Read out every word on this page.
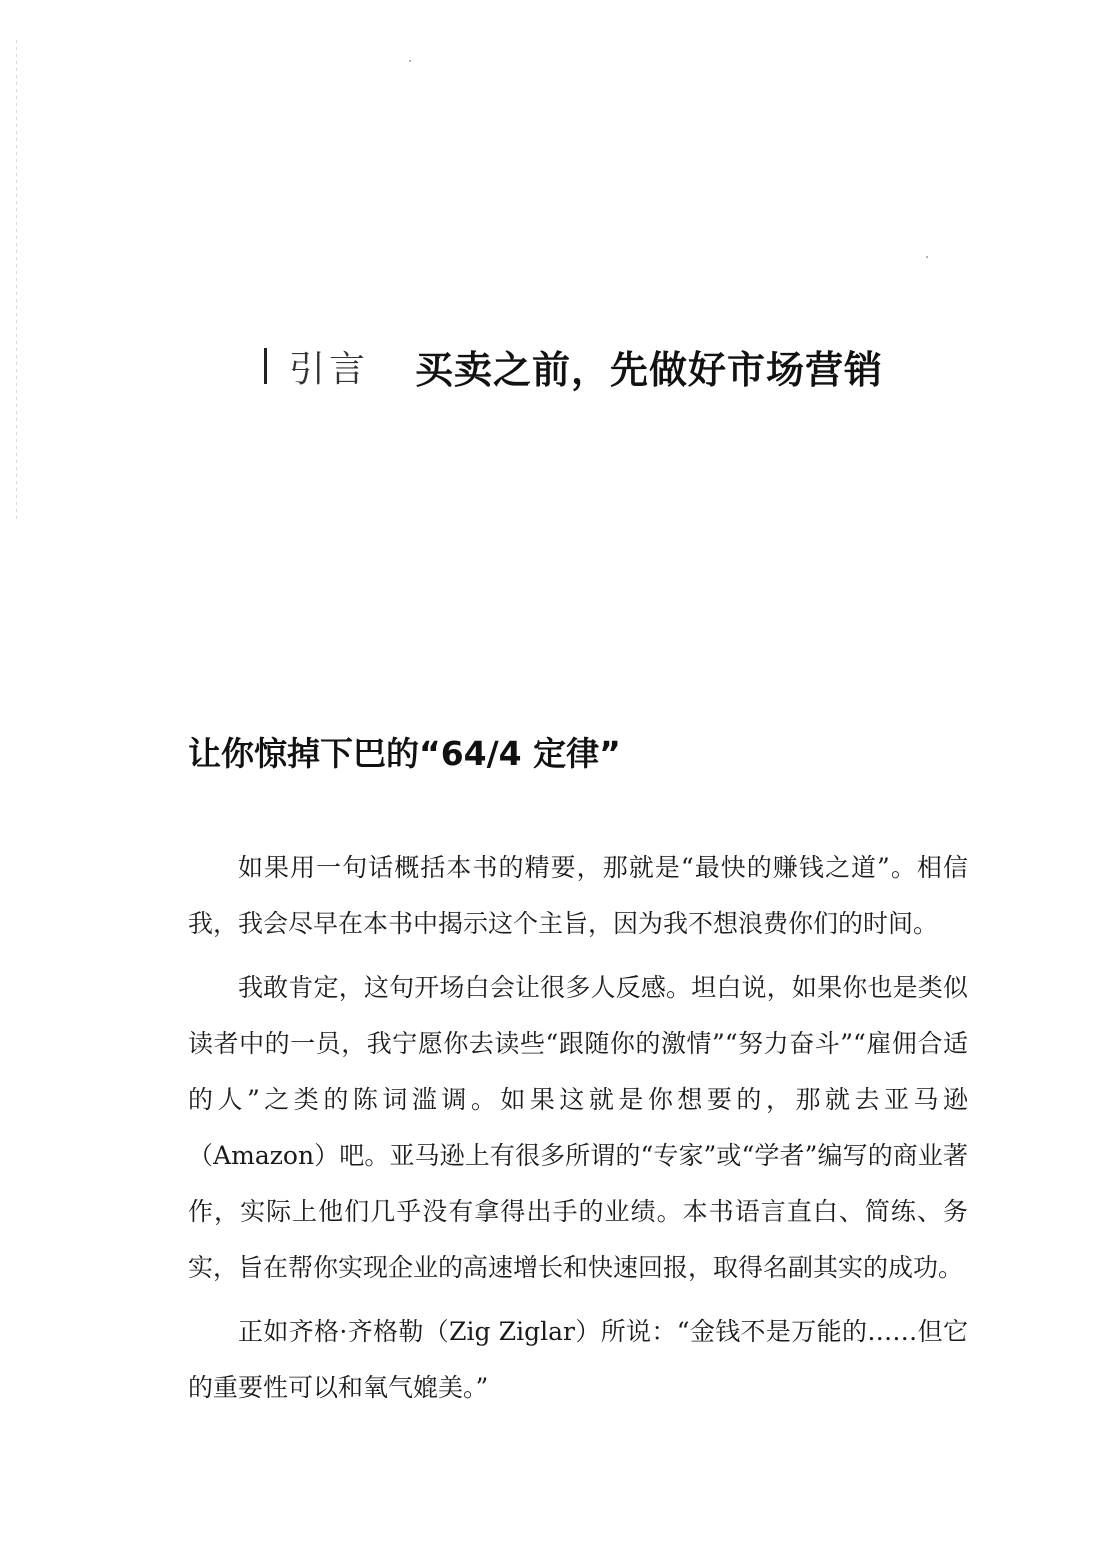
引言 买卖之前，先做好市场营销
让你惊掉下巴的“64/4 定律”

如果用一句话概括本书的精要，那就是“最快的赚钱之道”。相信我，我会尽早在本书中揭示这个主旨，因为我不想浪费你们的时间。

我敢肯定，这句开场白会让很多人反感。坦白说，如果你也是类似读者中的一员，我宁愿你去读些“跟随你的激情”“努力奋斗”“雇佣合适的人”之类的陈词滥调。如果这就是你想要的，那就去亚马逊（Amazon）吧。亚马逊上有很多所谓的“专家”或“学者”编写的商业著作，实际上他们几乎没有拿得出手的业绩。本书语言直白、简练、务实，旨在帮你实现企业的高速增长和快速回报，取得名副其实的成功。

正如齐格·齐格勒（Zig Ziglar）所说：“金钱不是万能的……但它的重要性可以和氧气媲美。”
